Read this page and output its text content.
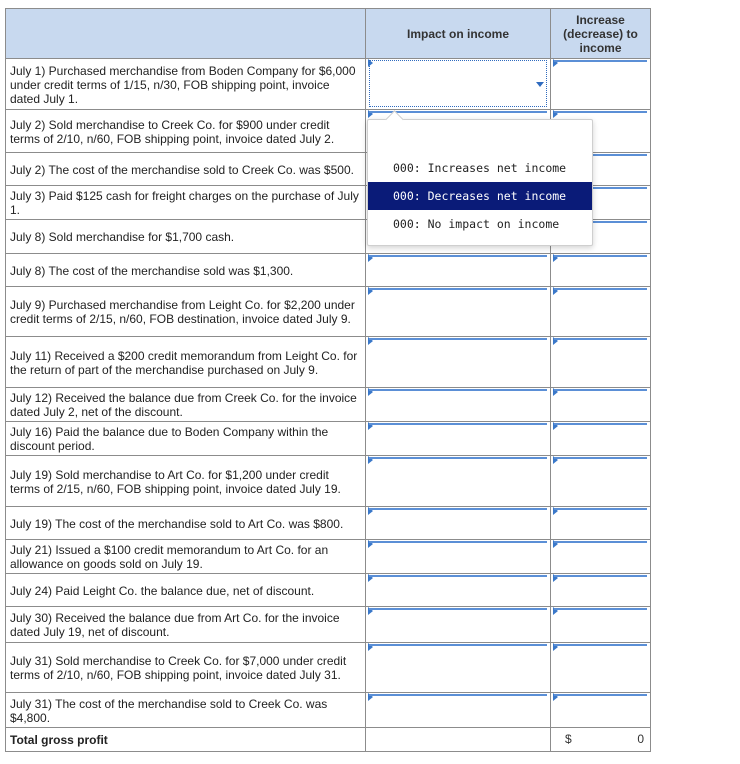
Impact on income
Increase (decrease) to income
July 1) Purchased merchandise from Boden Company for $6,000 under credit terms of 1/15, n/30, FOB shipping point, invoice dated July 1.
July 2) Sold merchandise to Creek Co. for $900 under credit terms of 2/10, n/60, FOB shipping point, invoice dated July 2.
July 2) The cost of the merchandise sold to Creek Co. was $500.
July 3) Paid $125 cash for freight charges on the purchase of July 1.
July 8) Sold merchandise for $1,700 cash.
July 8) The cost of the merchandise sold was $1,300.
July 9) Purchased merchandise from Leight Co. for $2,200 under credit terms of 2/15, n/60, FOB destination, invoice dated July 9.
July 11) Received a $200 credit memorandum from Leight Co. for the return of part of the merchandise purchased on July 9.
July 12) Received the balance due from Creek Co. for the invoice dated July 2, net of the discount.
July 16) Paid the balance due to Boden Company within the discount period.
July 19) Sold merchandise to Art Co. for $1,200 under credit terms of 2/15, n/60, FOB shipping point, invoice dated July 19.
July 19) The cost of the merchandise sold to Art Co. was $800.
July 21) Issued a $100 credit memorandum to Art Co. for an allowance on goods sold on July 19.
July 24) Paid Leight Co. the balance due, net of discount.
July 30) Received the balance due from Art Co. for the invoice dated July 19, net of discount.
July 31) Sold merchandise to Creek Co. for $7,000 under credit terms of 2/10, n/60, FOB shipping point, invoice dated July 31.
July 31) The cost of the merchandise sold to Creek Co. was $4,800.
Total gross profit	$	0
000: Increases net income
000: Decreases net income
000: No impact on income
